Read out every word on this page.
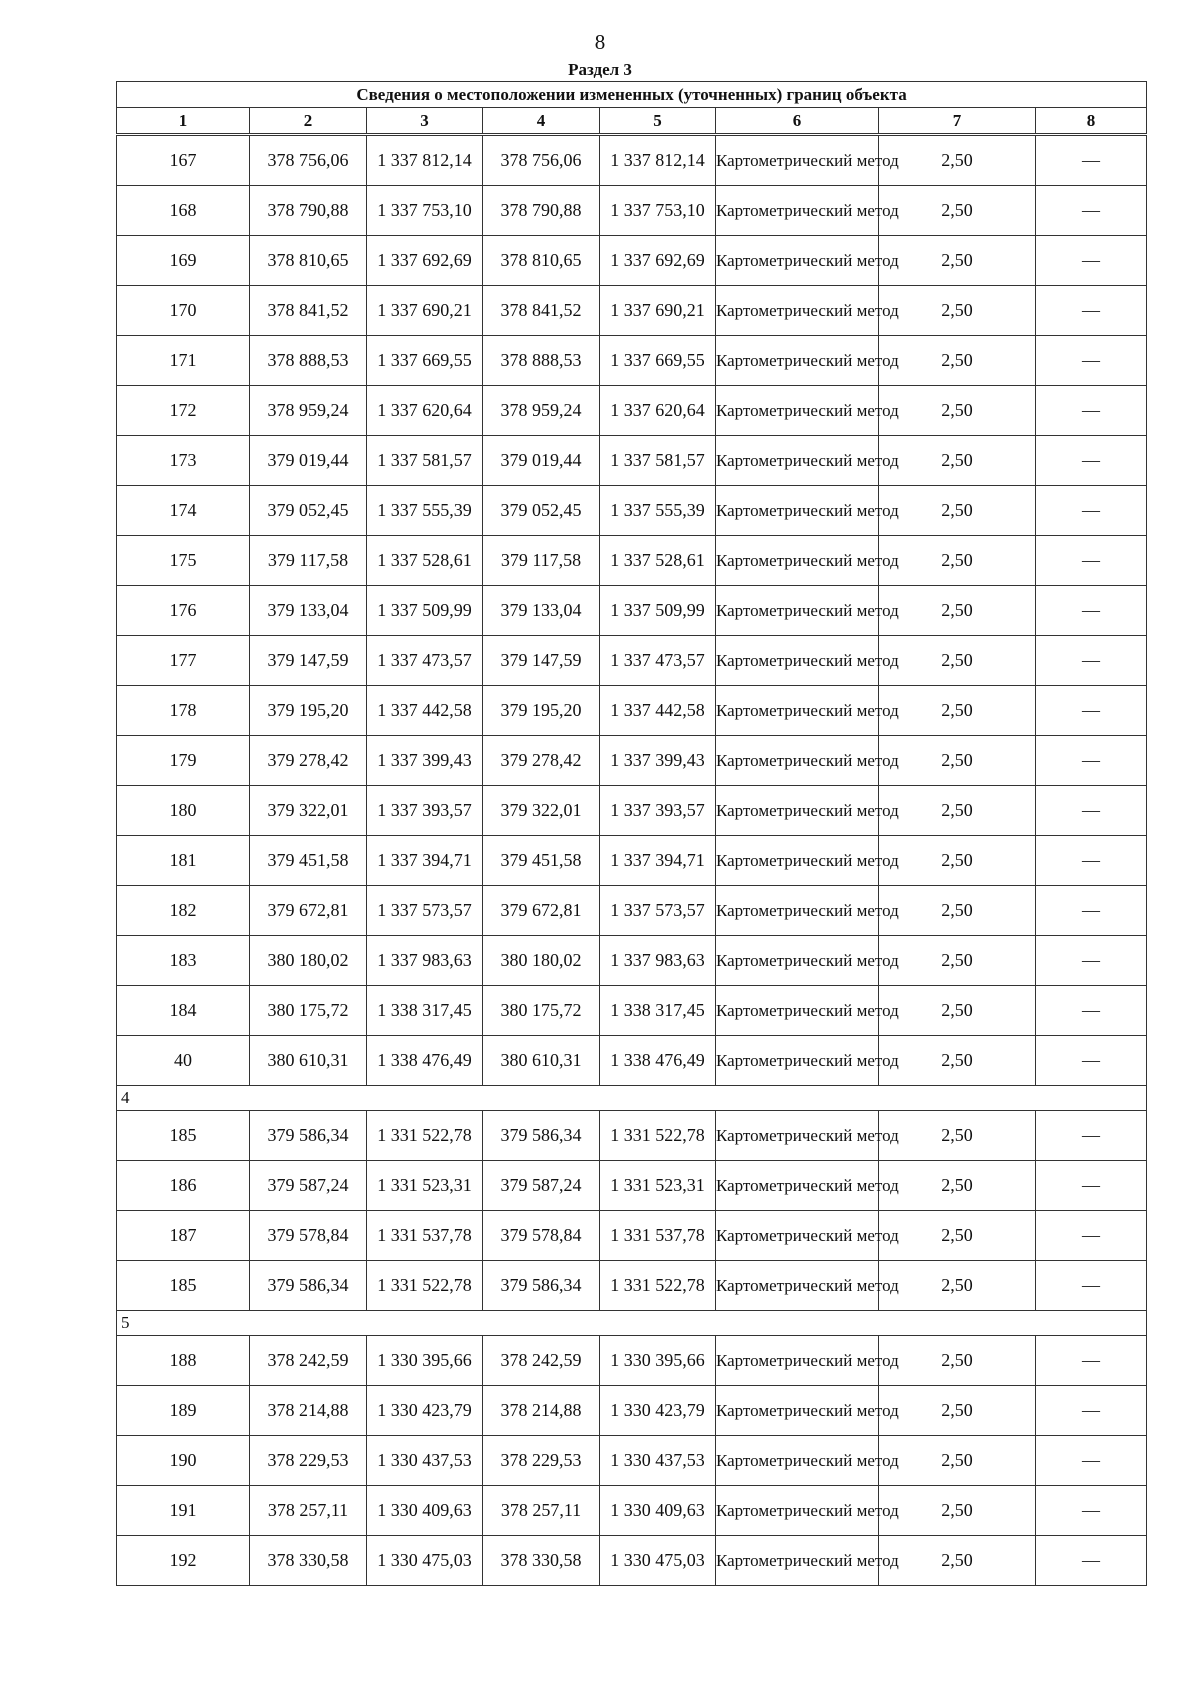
8
Раздел 3
Сведения о местоположении измененных (уточненных) границ объекта							
1	2	3	4	5	6	7	8
167	378 756,06	1 337 812,14	378 756,06	1 337 812,14	Картометрический метод	2,50	—
168	378 790,88	1 337 753,10	378 790,88	1 337 753,10	Картометрический метод	2,50	—
169	378 810,65	1 337 692,69	378 810,65	1 337 692,69	Картометрический метод	2,50	—
170	378 841,52	1 337 690,21	378 841,52	1 337 690,21	Картометрический метод	2,50	—
171	378 888,53	1 337 669,55	378 888,53	1 337 669,55	Картометрический метод	2,50	—
172	378 959,24	1 337 620,64	378 959,24	1 337 620,64	Картометрический метод	2,50	—
173	379 019,44	1 337 581,57	379 019,44	1 337 581,57	Картометрический метод	2,50	—
174	379 052,45	1 337 555,39	379 052,45	1 337 555,39	Картометрический метод	2,50	—
175	379 117,58	1 337 528,61	379 117,58	1 337 528,61	Картометрический метод	2,50	—
176	379 133,04	1 337 509,99	379 133,04	1 337 509,99	Картометрический метод	2,50	—
177	379 147,59	1 337 473,57	379 147,59	1 337 473,57	Картометрический метод	2,50	—
178	379 195,20	1 337 442,58	379 195,20	1 337 442,58	Картометрический метод	2,50	—
179	379 278,42	1 337 399,43	379 278,42	1 337 399,43	Картометрический метод	2,50	—
180	379 322,01	1 337 393,57	379 322,01	1 337 393,57	Картометрический метод	2,50	—
181	379 451,58	1 337 394,71	379 451,58	1 337 394,71	Картометрический метод	2,50	—
182	379 672,81	1 337 573,57	379 672,81	1 337 573,57	Картометрический метод	2,50	—
183	380 180,02	1 337 983,63	380 180,02	1 337 983,63	Картометрический метод	2,50	—
184	380 175,72	1 338 317,45	380 175,72	1 338 317,45	Картометрический метод	2,50	—
40	380 610,31	1 338 476,49	380 610,31	1 338 476,49	Картометрический метод	2,50	—
4							
185	379 586,34	1 331 522,78	379 586,34	1 331 522,78	Картометрический метод	2,50	—
186	379 587,24	1 331 523,31	379 587,24	1 331 523,31	Картометрический метод	2,50	—
187	379 578,84	1 331 537,78	379 578,84	1 331 537,78	Картометрический метод	2,50	—
185	379 586,34	1 331 522,78	379 586,34	1 331 522,78	Картометрический метод	2,50	—
5							
188	378 242,59	1 330 395,66	378 242,59	1 330 395,66	Картометрический метод	2,50	—
189	378 214,88	1 330 423,79	378 214,88	1 330 423,79	Картометрический метод	2,50	—
190	378 229,53	1 330 437,53	378 229,53	1 330 437,53	Картометрический метод	2,50	—
191	378 257,11	1 330 409,63	378 257,11	1 330 409,63	Картометрический метод	2,50	—
192	378 330,58	1 330 475,03	378 330,58	1 330 475,03	Картометрический метод	2,50	—
